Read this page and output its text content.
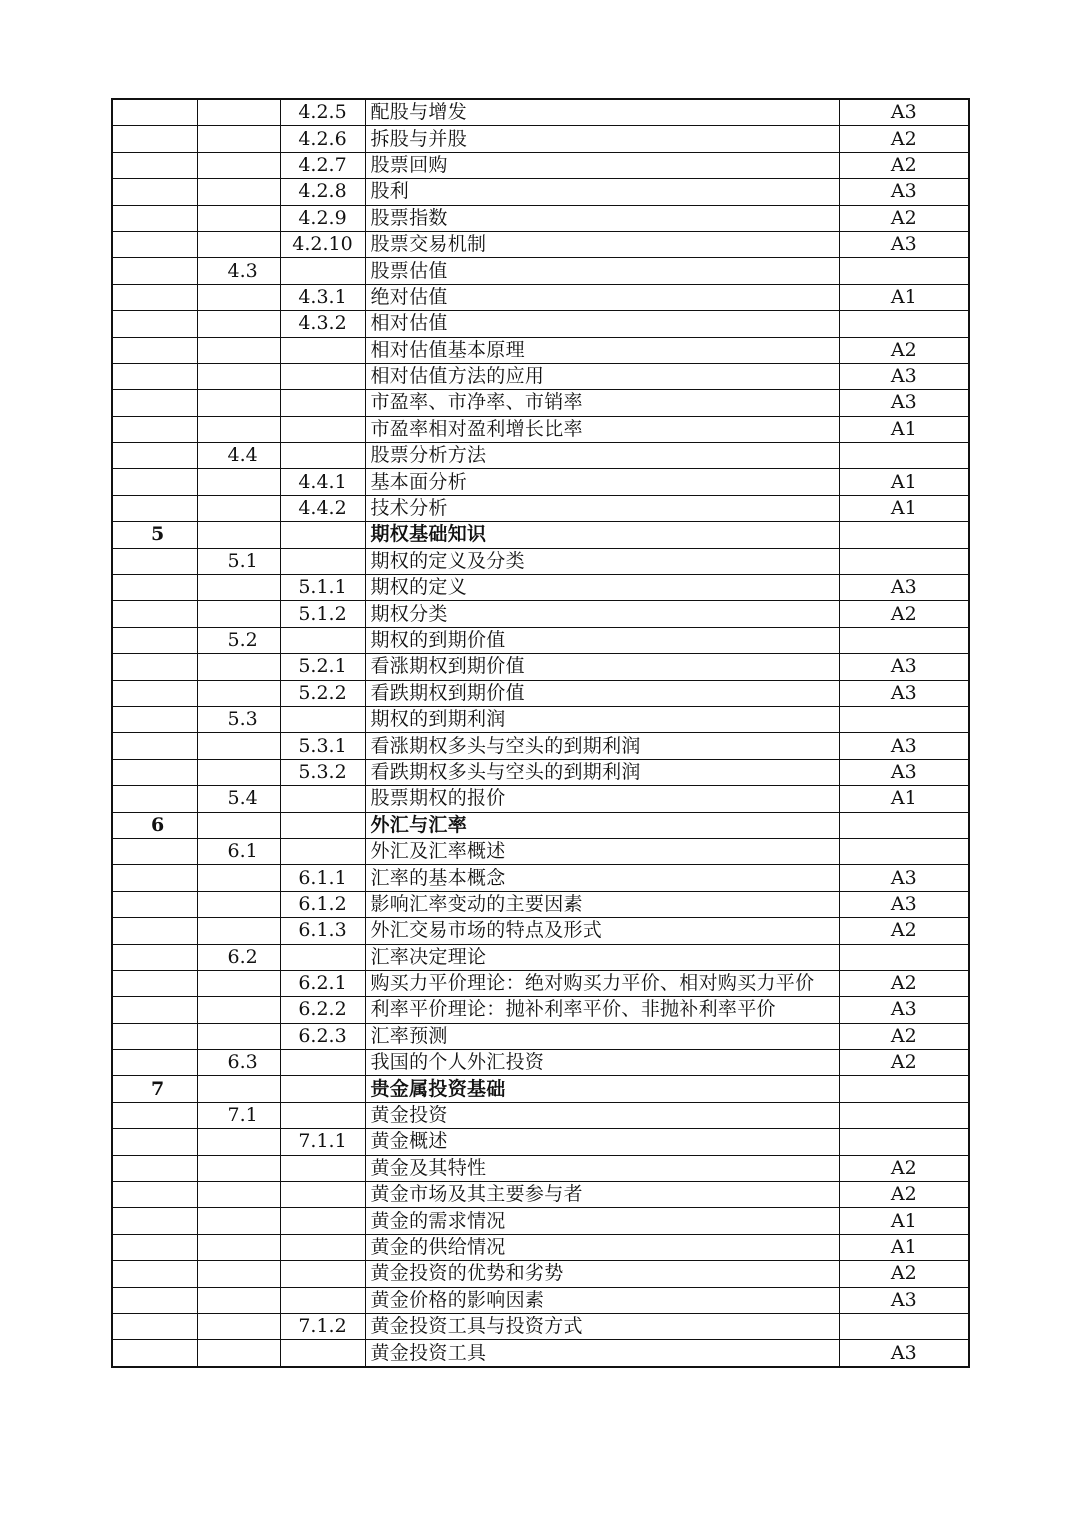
		4.2.5	配股与增发	A3
		4.2.6	拆股与并股	A2
		4.2.7	股票回购	A2
		4.2.8	股利	A3
		4.2.9	股票指数	A2
		4.2.10	股票交易机制	A3
	4.3		股票估值	
		4.3.1	绝对估值	A1
		4.3.2	相对估值	
			相对估值基本原理	A2
			相对估值方法的应用	A3
			市盈率、市净率、市销率	A3
			市盈率相对盈利增长比率	A1
	4.4		股票分析方法	
		4.4.1	基本面分析	A1
		4.4.2	技术分析	A1
5			期权基础知识	
	5.1		期权的定义及分类	
		5.1.1	期权的定义	A3
		5.1.2	期权分类	A2
	5.2		期权的到期价值	
		5.2.1	看涨期权到期价值	A3
		5.2.2	看跌期权到期价值	A3
	5.3		期权的到期利润	
		5.3.1	看涨期权多头与空头的到期利润	A3
		5.3.2	看跌期权多头与空头的到期利润	A3
	5.4		股票期权的报价	A1
6			外汇与汇率	
	6.1		外汇及汇率概述	
		6.1.1	汇率的基本概念	A3
		6.1.2	影响汇率变动的主要因素	A3
		6.1.3	外汇交易市场的特点及形式	A2
	6.2		汇率决定理论	
		6.2.1	购买力平价理论：绝对购买力平价、相对购买力平价	A2
		6.2.2	利率平价理论：抛补利率平价、非抛补利率平价	A3
		6.2.3	汇率预测	A2
	6.3		我国的个人外汇投资	A2
7			贵金属投资基础	
	7.1		黄金投资	
		7.1.1	黄金概述	
			黄金及其特性	A2
			黄金市场及其主要参与者	A2
			黄金的需求情况	A1
			黄金的供给情况	A1
			黄金投资的优势和劣势	A2
			黄金价格的影响因素	A3
		7.1.2	黄金投资工具与投资方式	
			黄金投资工具	A3
